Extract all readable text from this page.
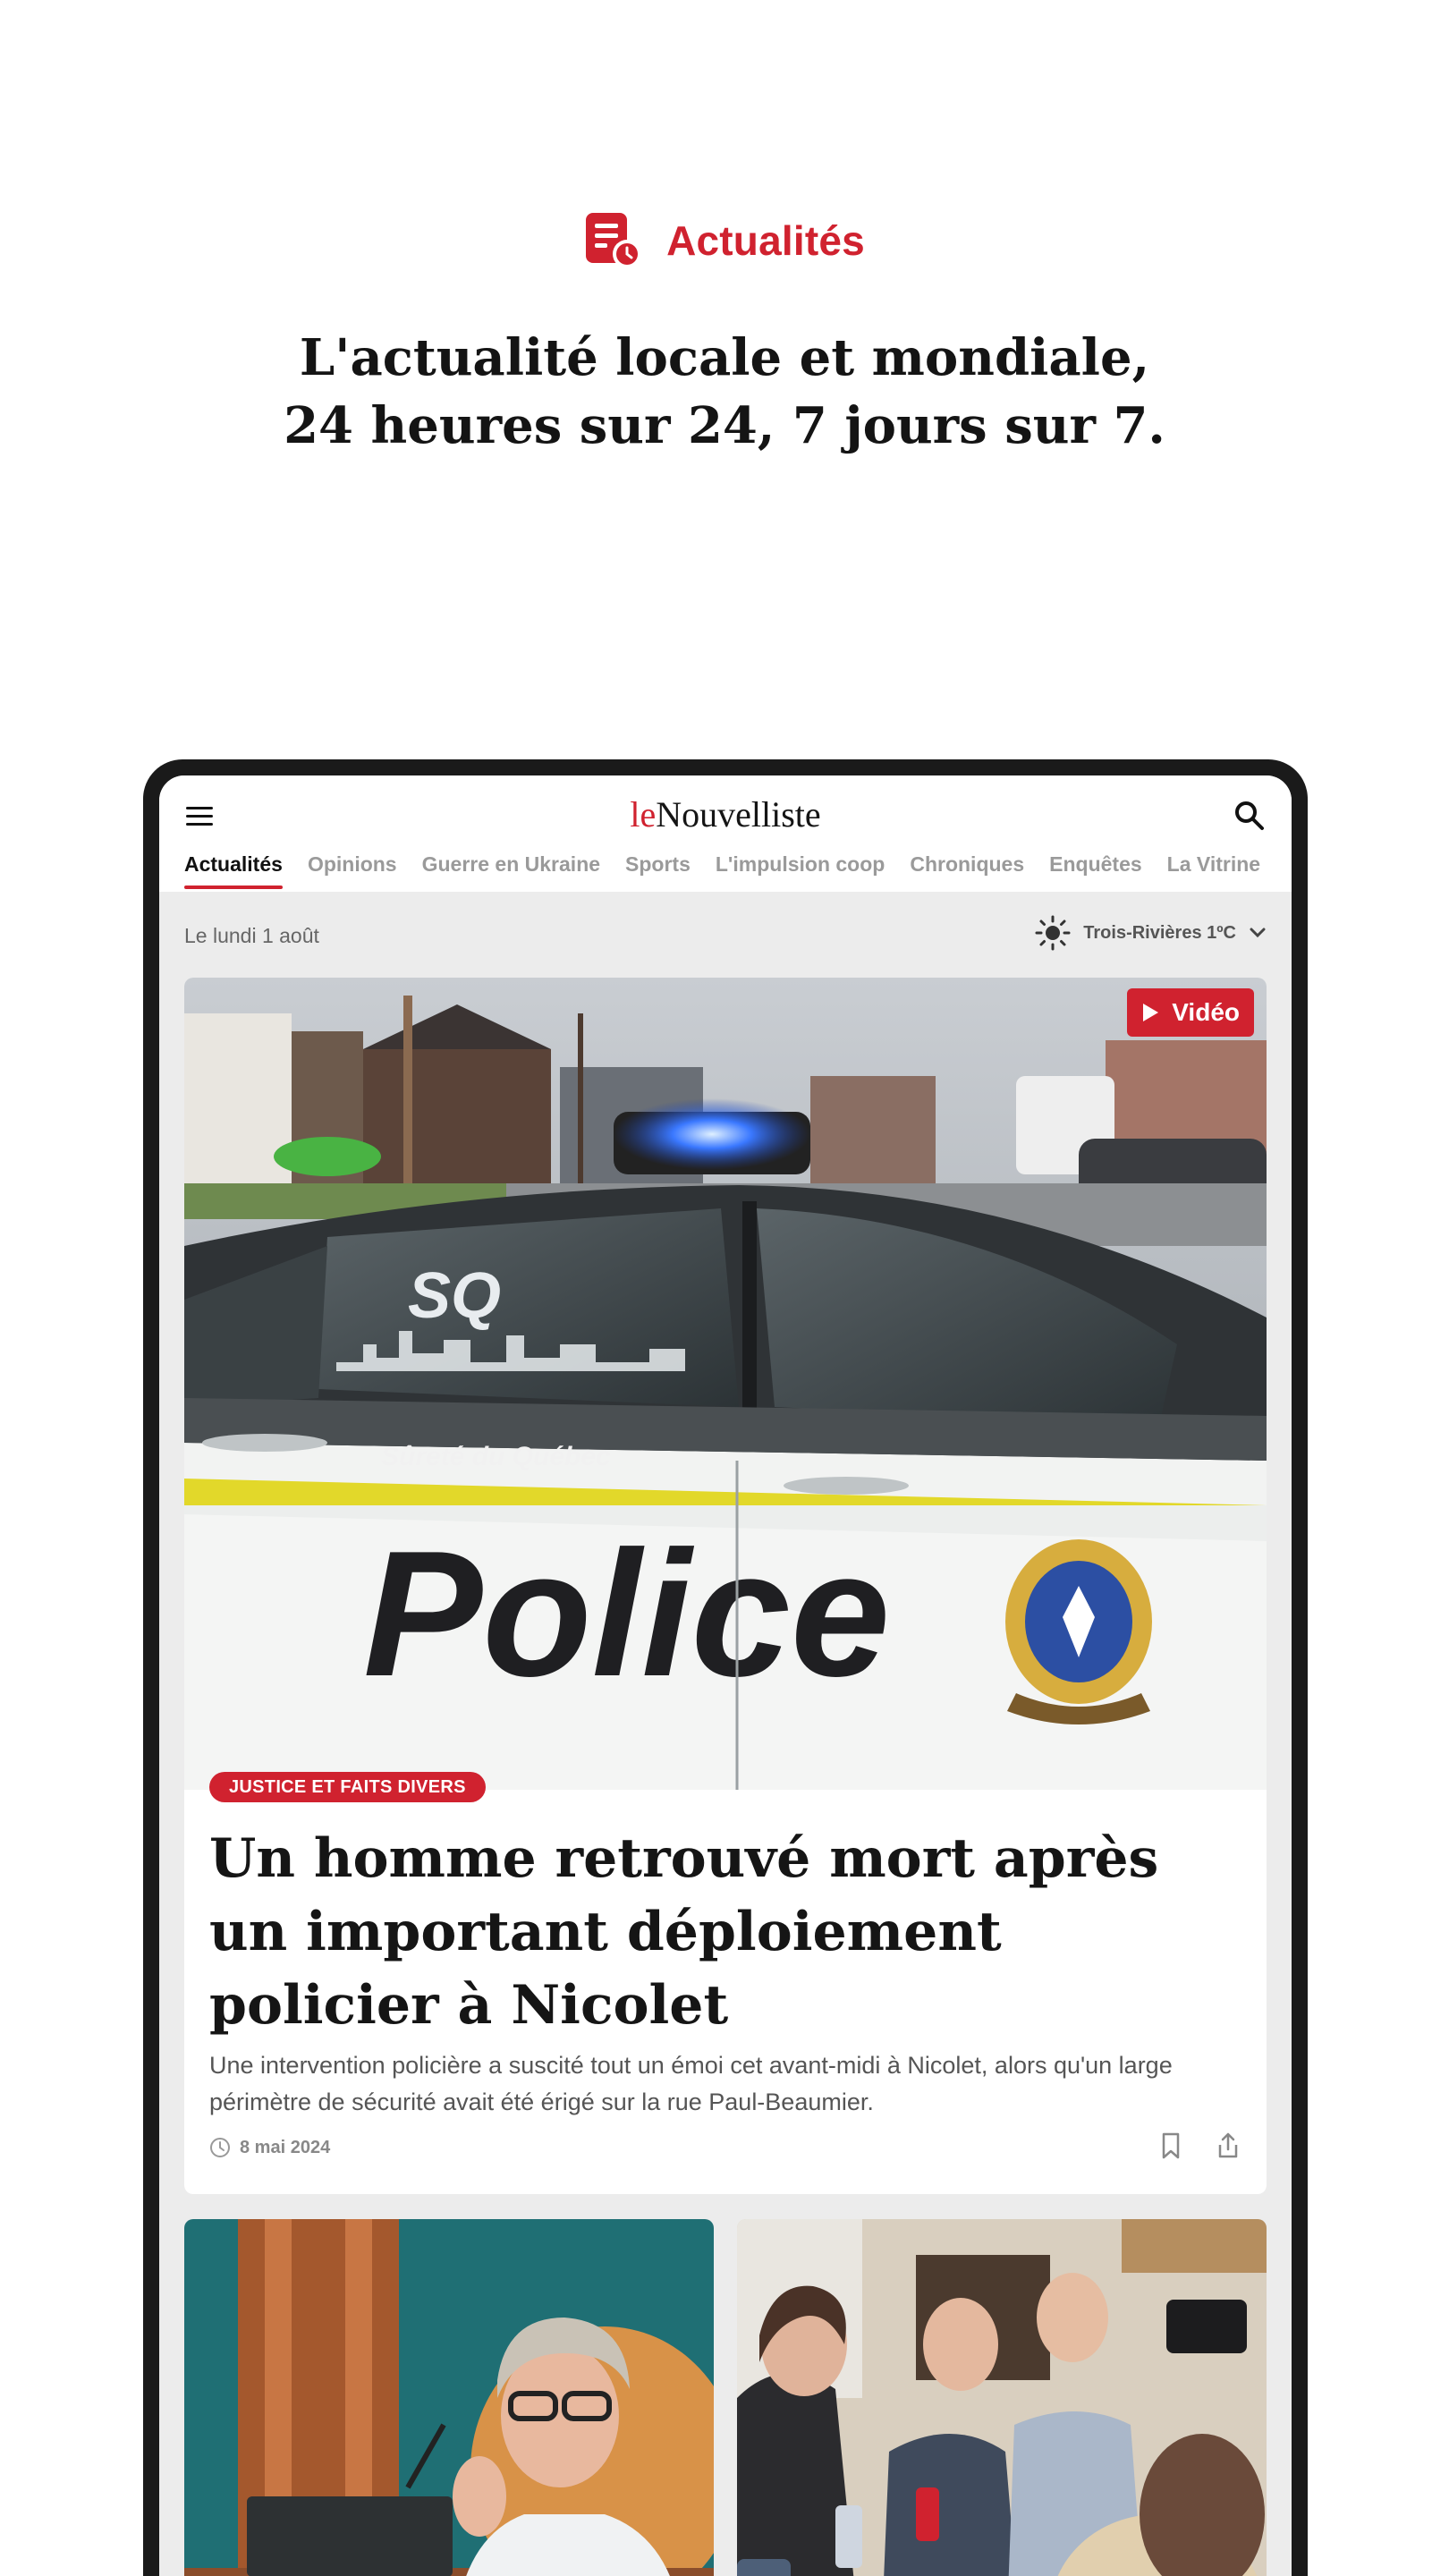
Actualités
L'actualité locale et mondiale, 24 heures sur 24, 7 jours sur 7.
leNouvelliste
Actualités Opinions Guerre en Ukraine Sports L'impulsion coop Chroniques Enquêtes La Vitrine
Le lundi 1 août	Trois-Rivières 1ºC
SQ
Sûreté du Québec
Police
Vidéo
JUSTICE ET FAITS DIVERS
Un homme retrouvé mort après un important déploiement policier à Nicolet
Une intervention policière a suscité tout un émoi cet avant-midi à Nicolet, alors qu'un large périmètre de sécurité avait été érigé sur la rue Paul-Beaumier.
8 mai 2024
